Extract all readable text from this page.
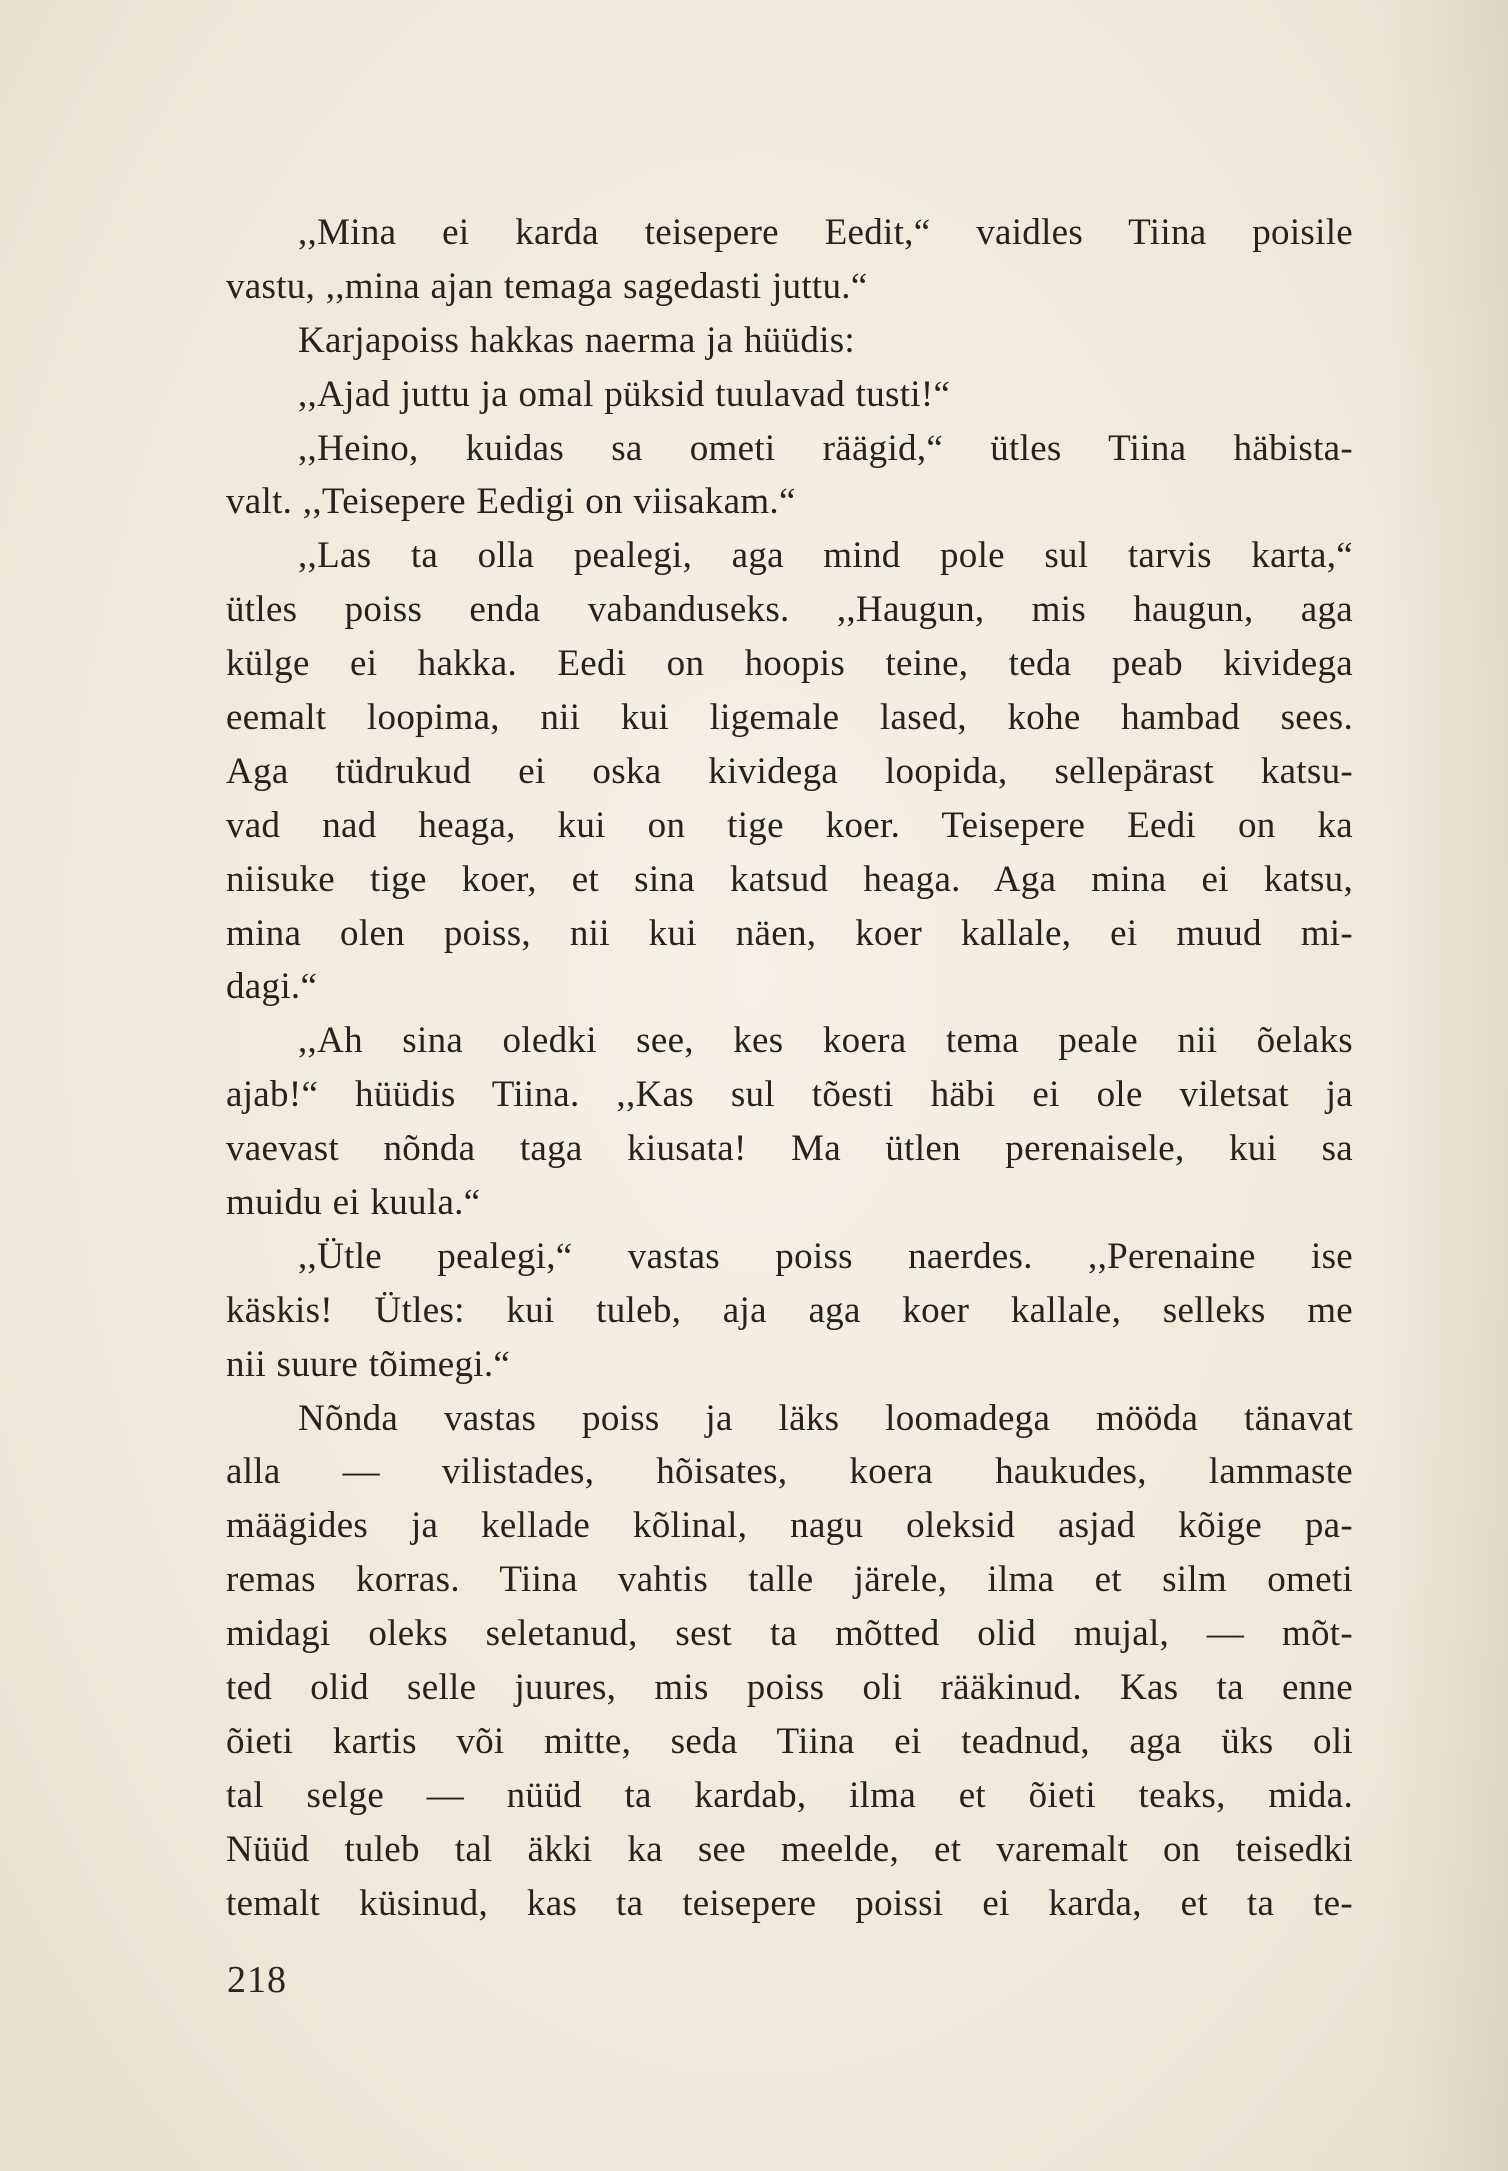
,,Mina ei karda teisepere Eedit,“ vaidles Tiina poisile
vastu, ,,mina ajan temaga sagedasti juttu.“
Karjapoiss hakkas naerma ja hüüdis:
,,Ajad juttu ja omal püksid tuulavad tusti!“
,,Heino, kuidas sa ometi räägid,“ ütles Tiina häbista-
valt. ,,Teisepere Eedigi on viisakam.“
,,Las ta olla pealegi, aga mind pole sul tarvis karta,“
ütles poiss enda vabanduseks. ,,Haugun, mis haugun, aga
külge ei hakka. Eedi on hoopis teine, teda peab kividega
eemalt loopima, nii kui ligemale lased, kohe hambad sees.
Aga tüdrukud ei oska kividega loopida, sellepärast katsu-
vad nad heaga, kui on tige koer. Teisepere Eedi on ka
niisuke tige koer, et sina katsud heaga. Aga mina ei katsu,
mina olen poiss, nii kui näen, koer kallale, ei muud mi-
dagi.“
,,Ah sina oledki see, kes koera tema peale nii õelaks
ajab!“ hüüdis Tiina. ,,Kas sul tõesti häbi ei ole viletsat ja
vaevast nõnda taga kiusata! Ma ütlen perenaisele, kui sa
muidu ei kuula.“
,,Ütle pealegi,“ vastas poiss naerdes. ,,Perenaine ise
käskis! Ütles: kui tuleb, aja aga koer kallale, selleks me
nii suure tõimegi.“
Nõnda vastas poiss ja läks loomadega mööda tänavat
alla — vilistades, hõisates, koera haukudes, lammaste
määgides ja kellade kõlinal, nagu oleksid asjad kõige pa-
remas korras. Tiina vahtis talle järele, ilma et silm ometi
midagi oleks seletanud, sest ta mõtted olid mujal, — mõt-
ted olid selle juures, mis poiss oli rääkinud. Kas ta enne
õieti kartis või mitte, seda Tiina ei teadnud, aga üks oli
tal selge — nüüd ta kardab, ilma et õieti teaks, mida.
Nüüd tuleb tal äkki ka see meelde, et varemalt on teisedki
temalt küsinud, kas ta teisepere poissi ei karda, et ta te-
218
